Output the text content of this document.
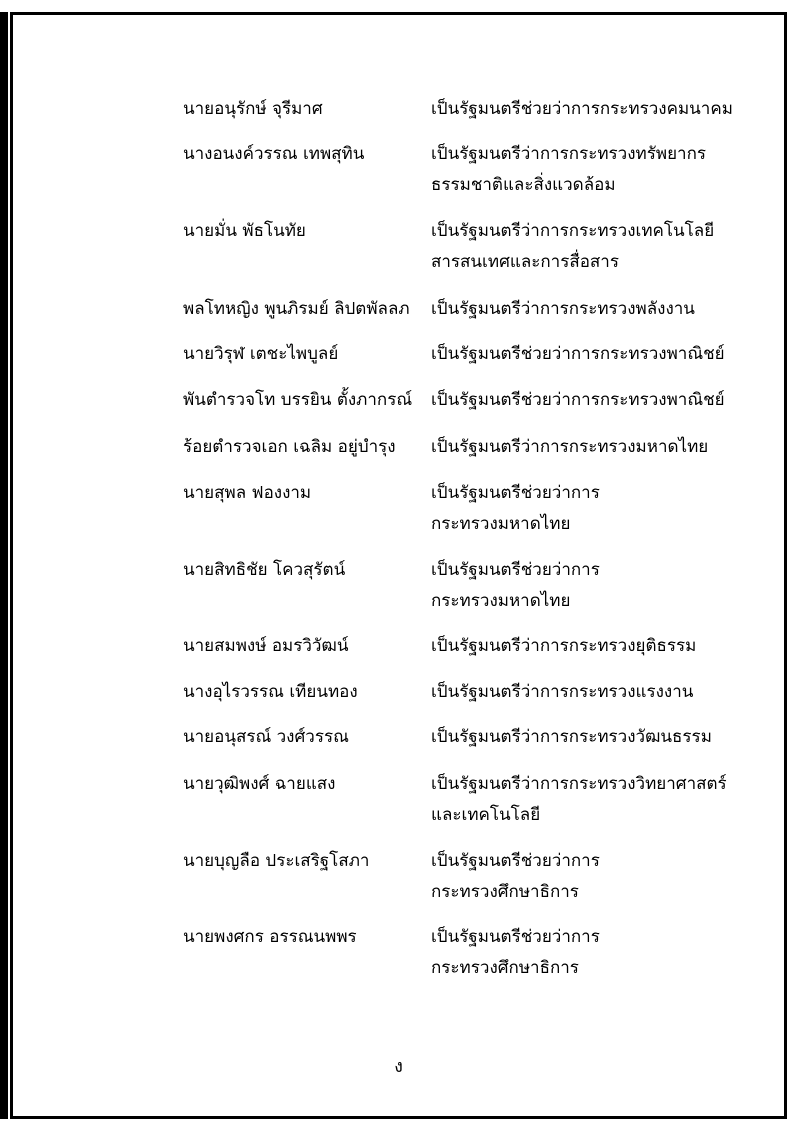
นายอนุรักษ์ จุรีมาศ	เป็นรัฐมนตรีช่วยว่าการกระทรวงคมนาคม
นางอนงค์วรรณ เทพสุทิน	เป็นรัฐมนตรีว่าการกระทรวงทรัพยากร
ธรรมชาติและสิ่งแวดล้อม
นายมั่น พัธโนทัย	เป็นรัฐมนตรีว่าการกระทรวงเทคโนโลยี
สารสนเทศและการสื่อสาร
พลโทหญิง พูนภิรมย์ ลิปตพัลลภ เป็นรัฐมนตรีว่าการกระทรวงพลังงาน
นายวิรุฬ เตชะไพบูลย์	เป็นรัฐมนตรีช่วยว่าการกระทรวงพาณิชย์
พันตำรวจโท บรรยิน ตั้งภากรณ์ เป็นรัฐมนตรีช่วยว่าการกระทรวงพาณิชย์
ร้อยตำรวจเอก เฉลิม อยู่บำรุง เป็นรัฐมนตรีว่าการกระทรวงมหาดไทย
นายสุพล ฟองงาม	เป็นรัฐมนตรีช่วยว่าการ
กระทรวงมหาดไทย
นายสิทธิชัย โควสุรัตน์	เป็นรัฐมนตรีช่วยว่าการ
กระทรวงมหาดไทย
นายสมพงษ์ อมรวิวัฒน์	เป็นรัฐมนตรีว่าการกระทรวงยุติธรรม
นางอุไรวรรณ เทียนทอง	เป็นรัฐมนตรีว่าการกระทรวงแรงงาน
นายอนุสรณ์ วงศ์วรรณ	เป็นรัฐมนตรีว่าการกระทรวงวัฒนธรรม
นายวุฒิพงศ์ ฉายแสง	เป็นรัฐมนตรีว่าการกระทรวงวิทยาศาสตร์
และเทคโนโลยี
นายบุญลือ ประเสริฐโสภา	เป็นรัฐมนตรีช่วยว่าการ
กระทรวงศึกษาธิการ
นายพงศกร อรรณนพพร	เป็นรัฐมนตรีช่วยว่าการ
กระทรวงศึกษาธิการ
ง
